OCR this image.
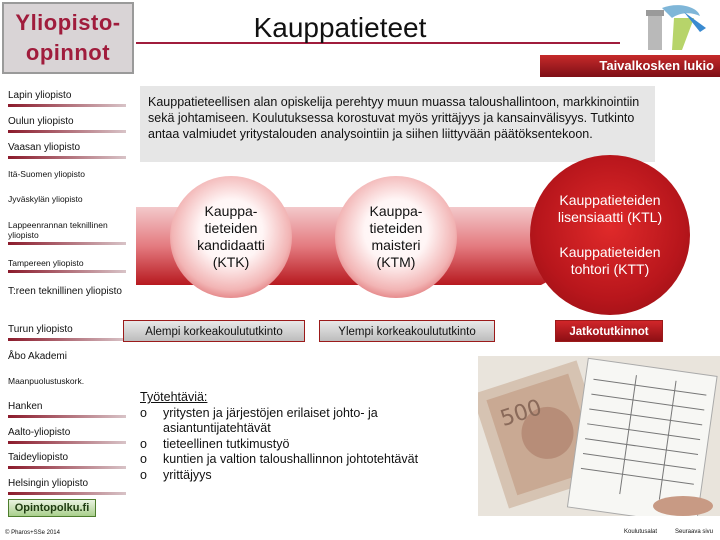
Yliopisto-
opinnot
Kauppatieteet
Taivalkosken lukio
Lapin yliopisto
Oulun yliopisto
Vaasan yliopisto
Itä-Suomen yliopisto
Jyväskylän yliopisto
Lappeenrannan teknillinen yliopisto
Tampereen yliopisto
T:reen teknillinen yliopisto
Turun yliopisto
Åbo Akademi
Maanpuolustuskork.
Hanken
Aalto-yliopisto
Taideyliopisto
Helsingin yliopisto
Opintopolku.fi
© Pharos+SSe 2014
Kauppatieteellisen alan opiskelija perehtyy muun muassa taloushallintoon, markkinointiin sekä johtamiseen. Koulutuksessa korostuvat myös yrittäjyys ja kansainvälisyys. Tutkinto antaa valmiudet yritystalouden analysointiin ja siihen liittyvään päätöksentekoon.
Kauppa-tieteiden kandidaatti (KTK)
Kauppa-tieteiden maisteri (KTM)
Kauppatieteiden lisensiaatti (KTL)
Kauppatieteiden tohtori (KTT)
Alempi korkeakoulututkinto	Ylempi korkeakoulututkinto	Jatkotutkinnot
Työtehtäviä:
o	yritysten ja järjestöjen erilaiset johto- ja asiantuntijatehtävät
o	tieteellinen tutkimustyö
o	kuntien ja valtion taloushallinnon johtotehtävät
o	yrittäjyys
500
Koulutusalat	Seuraava sivu
